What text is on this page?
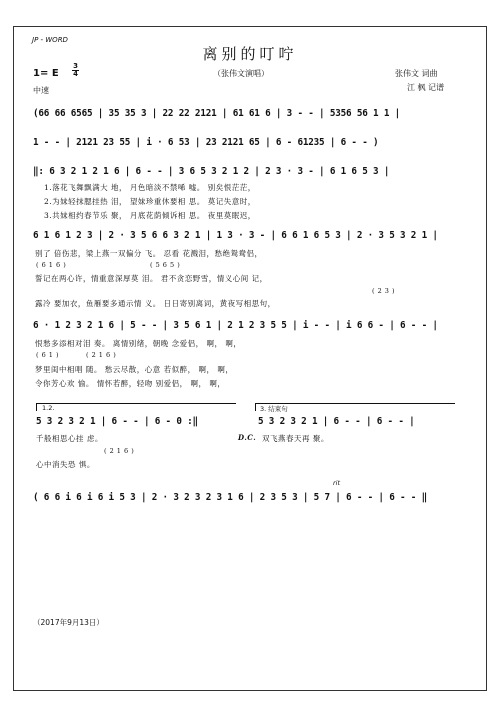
JP - WORD
离别的叮咛
1= E
3
4
中速
（张伟文演唱）	张伟文 词曲
江 枫 记谱
(66 66 6565 | 35 35 3 | 22 22 2121 | 61 61 6 | 3 - - | 5356 56 1 1 |
1 - - | 2121 23 55 | i · 6 53 | 23 2121 65 | 6 - 61235 | 6 - - )
‖: 6 3 2 1 2 1 6 | 6 - - | 3 6 5 3 2 1 2 | 2 3 · 3 - | 6 1 6 5 3 |
1.落花飞舞飘满大 地， 月色暗淡不禁唏 嘘。 别矣恨茫茫，
2.为妹轻抹腮挂热 泪， 望妹珍重休要相 思。 莫记失意时，
3.共妹相约春节乐 聚， 月底花荫倾诉相 思。 夜里莫眠迟，
6 1 6 1 2 3 | 2 · 3 5 6 6 3 2 1 | 1 3 · 3 - | 6 6 1 6 5 3 | 2 · 3 5 3 2 1 |
别了 倍伤悲，梁上燕一双偏分 飞。 忍看 花溅泪，愁绝鸳鸯侣，
( 6 1 6 )	( 5 6 5 )
誓记在两心许，情重意深厚莫 泪。 君不贪恋野雪，情义心间 记，
( 2 3 )
露冷 要加衣，鱼雁要多通示情 义。 日日寄别离词，黄夜写相思句，
6 · 1 2 3 2 1 6 | 5 - - | 3 5 6 1 | 2 1 2 3 5 5 | i - - | i 6 6 - | 6 - - |
恨愁多添相对泪 奏。 离情别绪，朝晚 念爱侣， 啊， 啊，
( 6 1 )	( 2 1 6 )
梦里闺中相唱 随。 愁云尽散，心意 若似醉， 啊， 啊，
令你芳心欢 愉。 情怀若醉，轻吻 别爱侣， 啊， 啊，
1.2.	3. 结束句
5 3 2 3 2 1 | 6 - - | 6 - 0 :‖	5 3 2 3 2 1 | 6 - - | 6 - - |
千般相思心挂 虑。	D.C. 双飞燕春天再 聚。
( 2 1 6 )
心中消失恐 惧。
rit
( 6 6 i 6 i 6 i 5 3 | 2 · 3 2 3 2 3 1 6 | 2 3 5 3 | 5 7 | 6 - - | 6 - - ‖
（2017年9月13日）
